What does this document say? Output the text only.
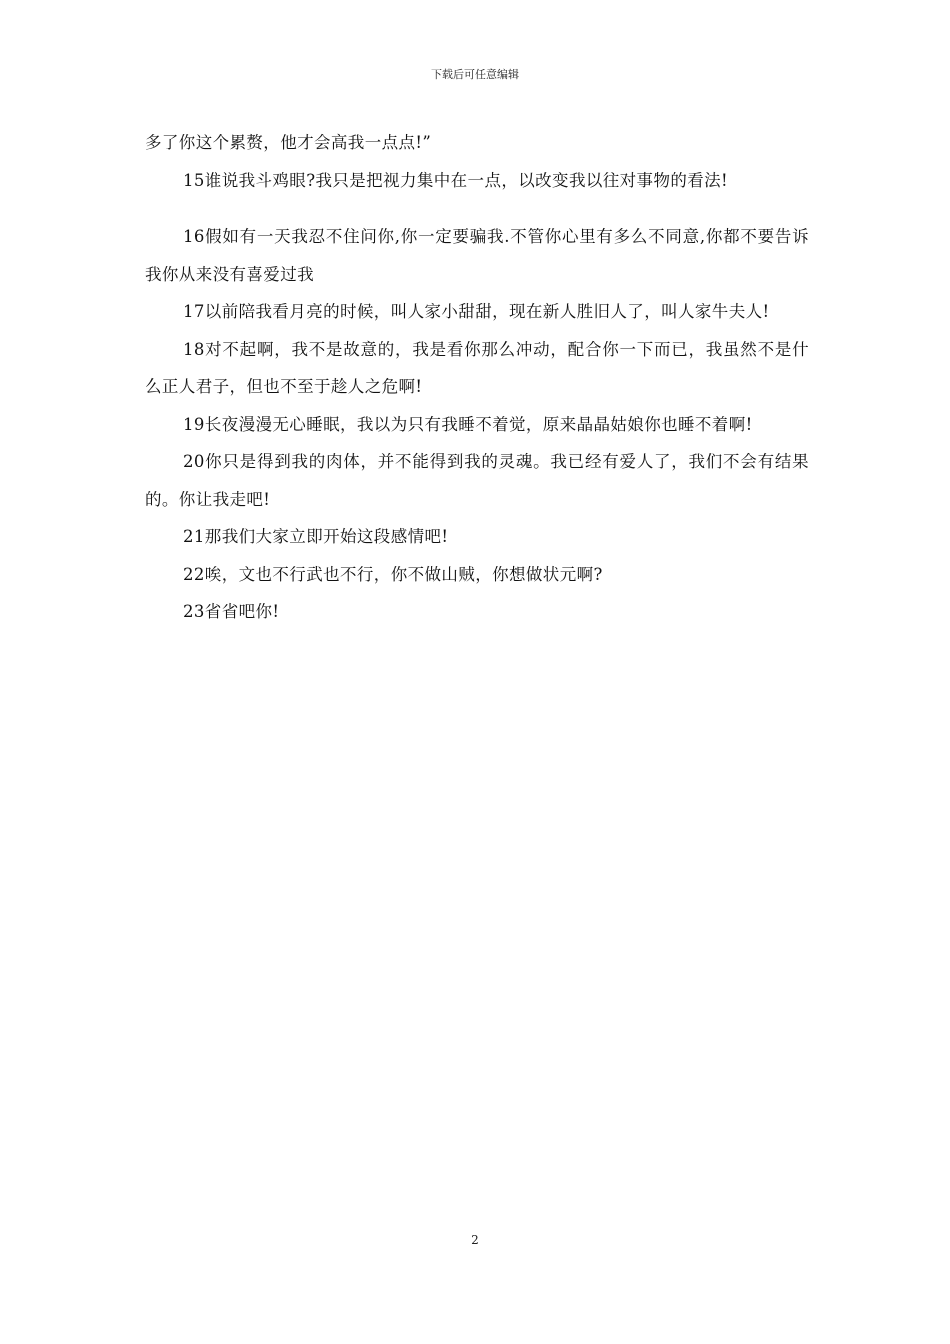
下载后可任意编辑

多了你这个累赘，他才会高我一点点!”

15谁说我斗鸡眼?我只是把视力集中在一点，以改变我以往对事物的看法!

16假如有一天我忍不住问你,你一定要骗我.不管你心里有多么不同意,你都不要告诉我你从来没有喜爱过我

17以前陪我看月亮的时候，叫人家小甜甜，现在新人胜旧人了，叫人家牛夫人!

18对不起啊，我不是故意的，我是看你那么冲动，配合你一下而已，我虽然不是什么正人君子，但也不至于趁人之危啊!

19长夜漫漫无心睡眠，我以为只有我睡不着觉，原来晶晶姑娘你也睡不着啊!

20你只是得到我的肉体，并不能得到我的灵魂。我已经有爱人了，我们不会有结果的。你让我走吧!

21那我们大家立即开始这段感情吧!

22唉，文也不行武也不行，你不做山贼，你想做状元啊?

23省省吧你!

2
